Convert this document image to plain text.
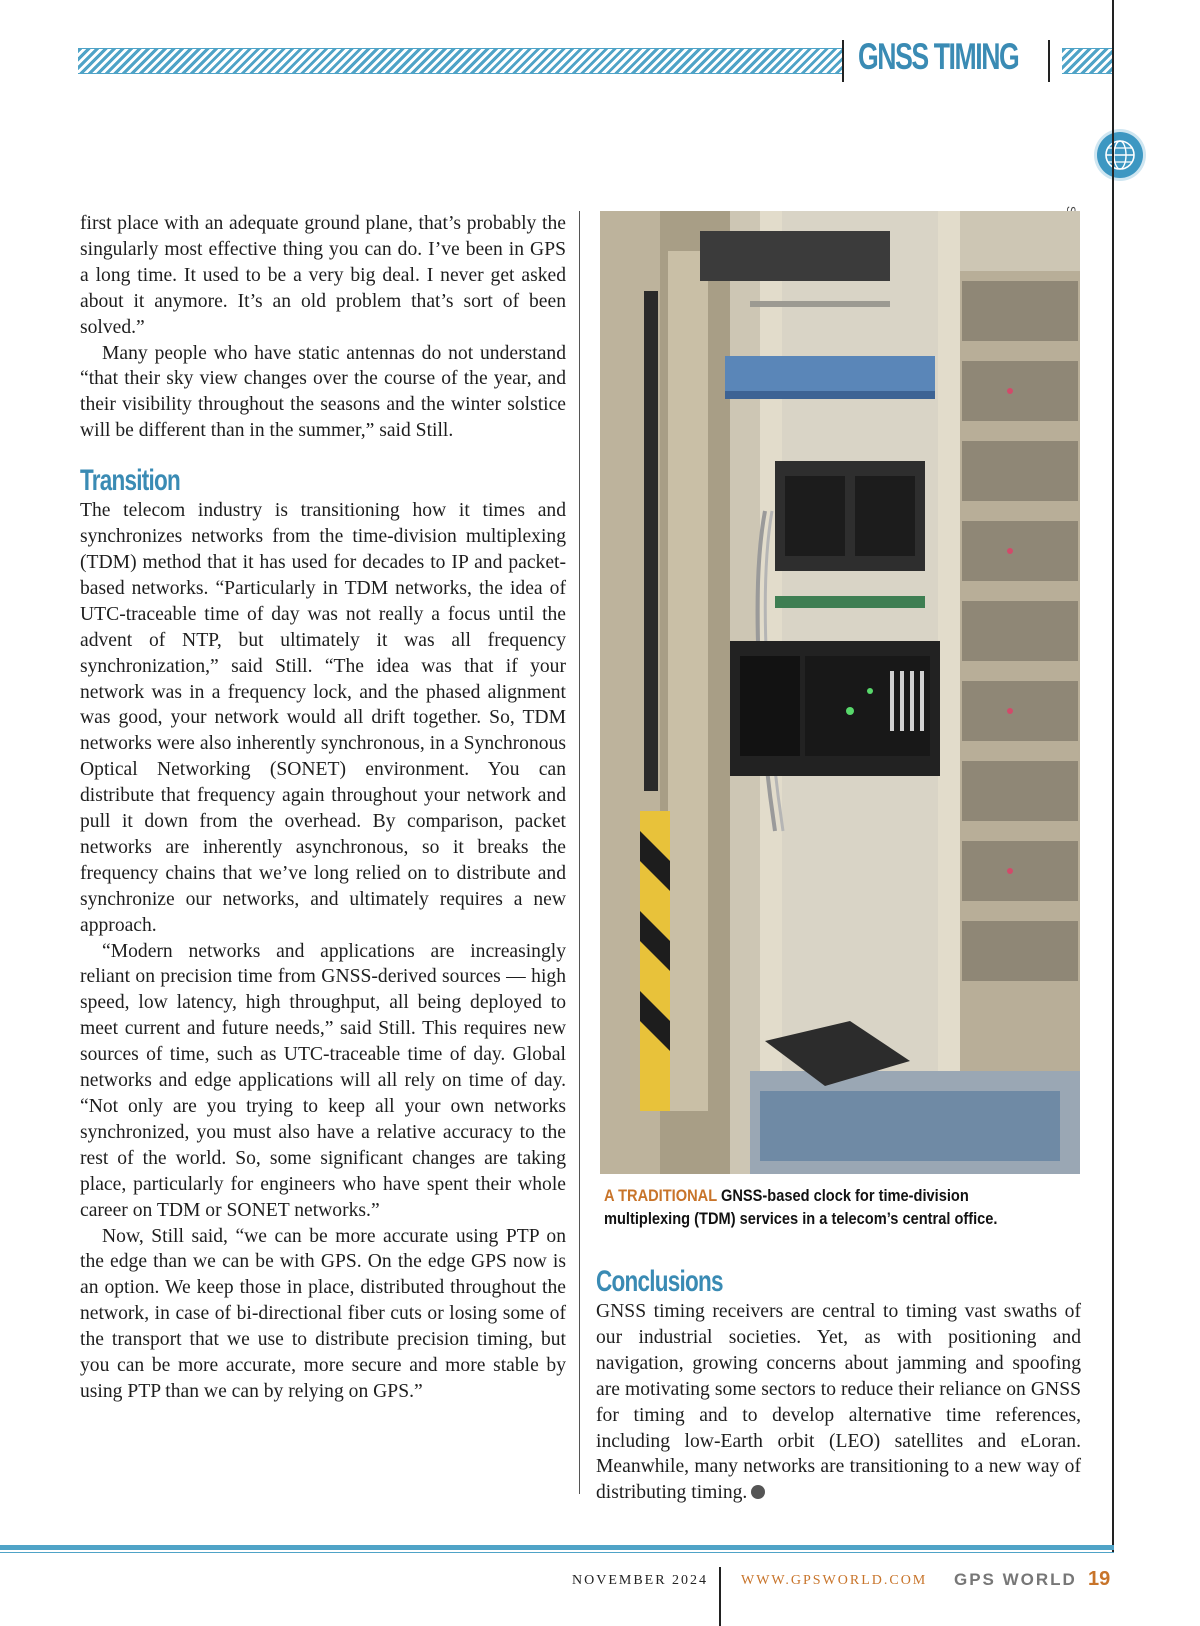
GNSS TIMING

first place with an adequate ground plane, that’s probably the singularly most effective thing you can do. I’ve been in GPS a long time. It used to be a very big deal. I never get asked about it anymore. It’s an old problem that’s sort of been solved.”

Many people who have static antennas do not understand “that their sky view changes over the course of the year, and their visibility throughout the seasons and the winter solstice will be different than in the summer,” said Still.

Transition

The telecom industry is transitioning how it times and synchronizes networks from the time-division multiplexing (TDM) method that it has used for decades to IP and packet-based networks. “Particularly in TDM networks, the idea of UTC-traceable time of day was not really a focus until the advent of NTP, but ultimately it was all frequency synchronization,” said Still. “The idea was that if your network was in a frequency lock, and the phased alignment was good, your network would all drift together. So, TDM networks were also inherently synchronous, in a Synchronous Optical Networking (SONET) environment. You can distribute that frequency again throughout your network and pull it down from the overhead. By comparison, packet networks are inherently asynchronous, so it breaks the frequency chains that we’ve long relied on to distribute and synchronize our networks, and ultimately requires a new approach.

“Modern networks and applications are increasingly reliant on precision time from GNSS-derived sources — high speed, low latency, high throughput, all being deployed to meet current and future needs,” said Still. This requires new sources of time, such as UTC-traceable time of day. Global networks and edge applications will all rely on time of day. “Not only are you trying to keep all your own networks synchronized, you must also have a relative accuracy to the rest of the world. So, some significant changes are taking place, particularly for engineers who have spent their whole career on TDM or SONET networks.”

Now, Still said, “we can be more accurate using PTP on the edge than we can be with GPS. On the edge GPS now is an option. We keep those in place, distributed throughout the network, in case of bi-directional fiber cuts or losing some of the transport that we use to distribute precision timing, but you can be more accurate, more secure and more stable by using PTP than we can by relying on GPS.”

A TRADITIONAL GNSS-based clock for time-division multiplexing (TDM) services in a telecom’s central office.
Conclusions

GNSS timing receivers are central to timing vast swaths of our industrial societies. Yet, as with positioning and navigation, growing concerns about jamming and spoofing are motivating some sectors to reduce their reliance on GNSS for timing and to develop alternative time references, including low-Earth orbit (LEO) satellites and eLoran. Meanwhile, many networks are transitioning to a new way of distributing timing.

NOVEMBER 2024 WWW.GPSWORLD.COM GPS WORLD 19
